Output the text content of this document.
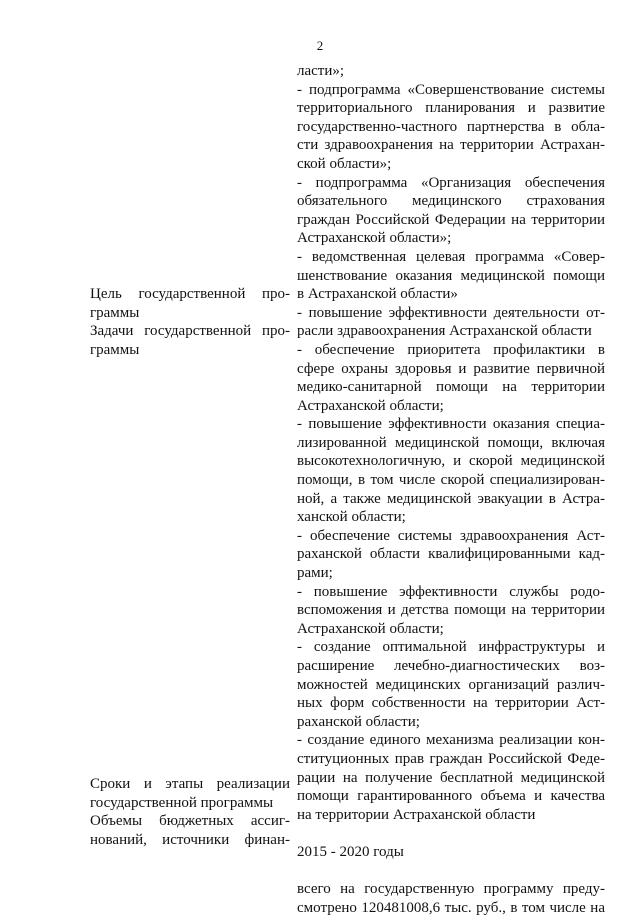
2
ласти»;
- подпрограмма «Совершенствование системы
территориального планирования и развитие
государственно-частного партнерства в обла-
сти здравоохранения на территории Астрахан-
ской области»;
- подпрограмма «Организация обеспечения
обязательного медицинского страхования
граждан Российской Федерации на территории
Астраханской области»;
- ведомственная целевая программа «Совер-
шенствование оказания медицинской помощи
в Астраханской области»
- повышение эффективности деятельности от-
расли здравоохранения Астраханской области
- обеспечение приоритета профилактики в
сфере охраны здоровья и развитие первичной
медико-санитарной помощи на территории
Астраханской области;
- повышение эффективности оказания специа-
лизированной медицинской помощи, включая
высокотехнологичную, и скорой медицинской
помощи, в том числе скорой специализирован-
ной, а также медицинской эвакуации в Астра-
ханской области;
- обеспечение системы здравоохранения Аст-
раханской области квалифицированными кад-
рами;
- повышение эффективности службы родо-
вспоможения и детства помощи на территории
Астраханской области;
- создание оптимальной инфраструктуры и
расширение лечебно-диагностических воз-
можностей медицинских организаций различ-
ных форм собственности на территории Аст-
раханской области;
- создание единого механизма реализации кон-
ституционных прав граждан Российской Феде-
рации на получение бесплатной медицинской
помощи гарантированного объема и качества
на территории Астраханской области
2015 - 2020 годы
всего на государственную программу преду-
смотрено 120481008,6 тыс. руб., в том числе на
Цель государственной про-
граммы
Задачи государственной про-
граммы
Сроки и этапы реализации
государственной программы
Объемы бюджетных ассиг-
нований, источники финан-
